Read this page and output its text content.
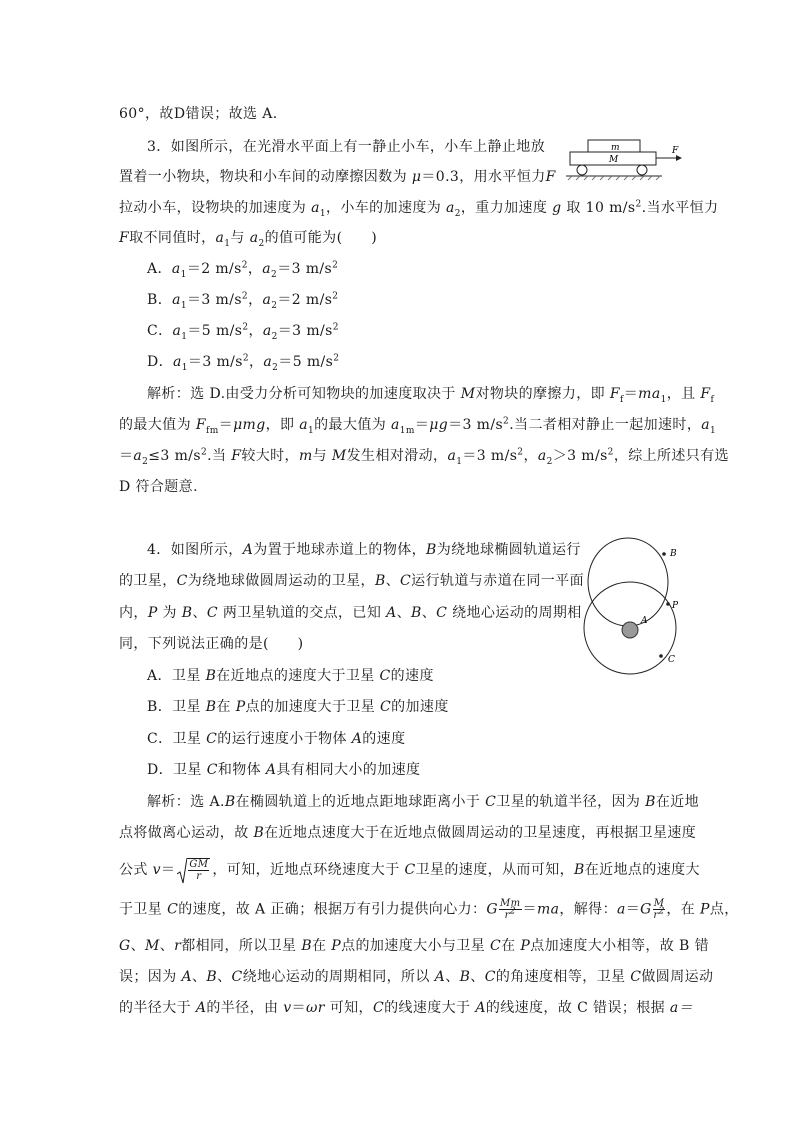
60°，故D错误；故选 A.
3．如图所示，在光滑水平面上有一静止小车，小车上静止地放
置着一小物块，物块和小车间的动摩擦因数为 μ＝0.3，用水平恒力F
拉动小车，设物块的加速度为 $a_1$，小车的加速度为 $a_2$，重力加速度 g 取 10 $m/s^2$.当水平恒力
F取不同值时，$a_1$与 $a_2$的值可能为(　　)
A．$a_1=2$ $m/s^2$，$a_2=3$ $m/s^2$
B．$a_1=3$ $m/s^2$，$a_2=2$ $m/s^2$
C．$a_1=5$ $m/s^2$，$a_2=3$ $m/s^2$
D．$a_1=3$ $m/s^2$，$a_2=5$ $m/s^2$
解析：选 D.由受力分析可知物块的加速度取决于 M对物块的摩擦力，即 $F_f=ma_1$，且 $F_f$
的最大值为 $F_{fm}=\mu mg$，即 $a_1$的最大值为 $a_{1m}=\mu g=3$ $m/s^2$.当二者相对静止一起加速时，$a_1$
$=a_2\le 3$ $m/s^2$.当 F较大时，m与 M发生相对滑动，$a_1=3$ $m/s^2$，$a_2>3$ $m/s^2$，综上所述只有选
D 符合题意.
m
M
F
4．如图所示，A为置于地球赤道上的物体，B为绕地球椭圆轨道运行
的卫星，C为绕地球做圆周运动的卫星，B、C运行轨道与赤道在同一平面
内，P 为 B、C 两卫星轨道的交点，已知 A、B、C 绕地心运动的周期相
同，下列说法正确的是(　　)
A．卫星 B在近地点的速度大于卫星 C的速度
B．卫星 B在 P点的加速度大于卫星 C的加速度
C．卫星 C的运行速度小于物体 A的速度
D．卫星 C和物体 A具有相同大小的加速度
解析：选 A.B在椭圆轨道上的近地点距地球距离小于 C卫星的轨道半径，因为 B在近地
点将做离心运动，故 B在近地点速度大于在近地点做圆周运动的卫星速度，再根据卫星速度
公式 $v= \frac{GM}{r}$ ，可知，近地点环绕速度大于 C卫星的速度，从而可知，B在近地点的速度大
于卫星 C的速度，故 A 正确；根据万有引力提供向心力：G $\frac{Mm}{r^2} =ma$，解得：$a=G \frac{M}{r^2}$ ，在 P点，
G、M、r都相同，所以卫星 B在 P点的加速度大小与卫星 C在 P点加速度大小相等，故 B 错
误；因为 A、B、C绕地心运动的周期相同，所以 A、B、C的角速度相等，卫星 C做圆周运动
的半径大于 A的半径，由 v＝ωr 可知，C的线速度大于 A的线速度，故 C 错误；根据 a＝
B
P
A
C
